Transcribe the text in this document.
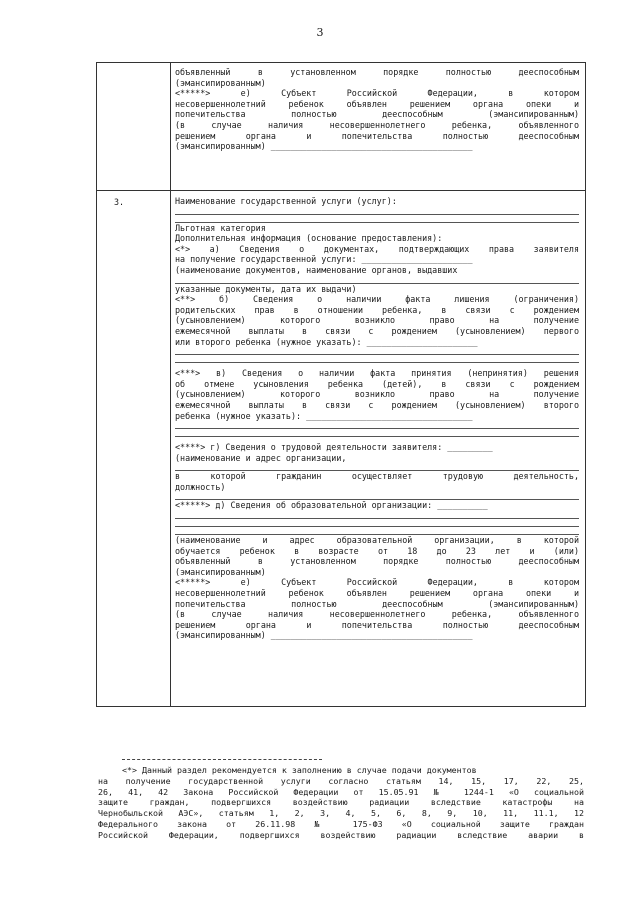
3

объявленный в установленном порядке полностью дееспособным

(эмансипированным)

<*****> е) Субъект Российской Федерации, в котором

несовершеннолетний ребенок объявлен решением органа опеки и

попечительства полностью дееспособным (эмансипированным)

(в случае наличия несовершеннолетнего ребенка, объявленного

решением органа и попечительства полностью дееспособным

(эмансипированным) ________________________________________

3.	Наименование государственной услуги (услуг):

Льготная категория

Дополнительная информация (основание предоставления):

<*> а) Сведения о документах, подтверждающих права заявителя

на получение государственной услуги: ______________________

(наименование документов, наименование органов, выдавших

указанные документы, дата их выдачи)

<**> б) Сведения о наличии факта лишения (ограничения)

родительских прав в отношении ребенка, в связи с рождением

(усыновлением) которого возникло право на получение

ежемесячной выплаты в связи с рождением (усыновлением) первого

или второго ребенка (нужное указать): ______________________

<***> в) Сведения о наличии факта принятия (непринятия) решения

об отмене усыновления ребенка (детей), в связи с рождением

(усыновлением) которого возникло право на получение

ежемесячной выплаты в связи с рождением (усыновлением) второго

ребенка (нужное указать): _________________________________

<****> г) Сведения о трудовой деятельности заявителя: _________

(наименование и адрес организации,

в которой гражданин осуществляет трудовую деятельность,

должность)

<*****> д) Сведения об образовательной организации: __________

(наименование и адрес образовательной организации, в которой

обучается ребенок в возрасте от 18 до 23 лет и (или)

объявленный в установленном порядке полностью дееспособным

(эмансипированным)

<*****> е) Субъект Российской Федерации, в котором

несовершеннолетний ребенок объявлен решением органа опеки и

попечительства полностью дееспособным (эмансипированным)

(в случае наличия несовершеннолетнего ребенка, объявленного

решением органа и попечительства полностью дееспособным

(эмансипированным) ________________________________________

<*> Данный раздел рекомендуется к заполнению в случае подачи документов
на получение государственной услуги согласно статьям 14, 15, 17, 22, 25,
26, 41, 42 Закона Российской Федерации от 15.05.91 № 1244-1 «О социальной
защите граждан, подвергшихся воздействию радиации вследствие катастрофы на
Чернобыльской АЭС», статьям 1, 2, 3, 4, 5, 6, 8, 9, 10, 11, 11.1, 12
Федерального закона от 26.11.98 № 175-ФЗ «О социальной защите граждан
Российской Федерации, подвергшихся воздействию радиации вследствие аварии в
